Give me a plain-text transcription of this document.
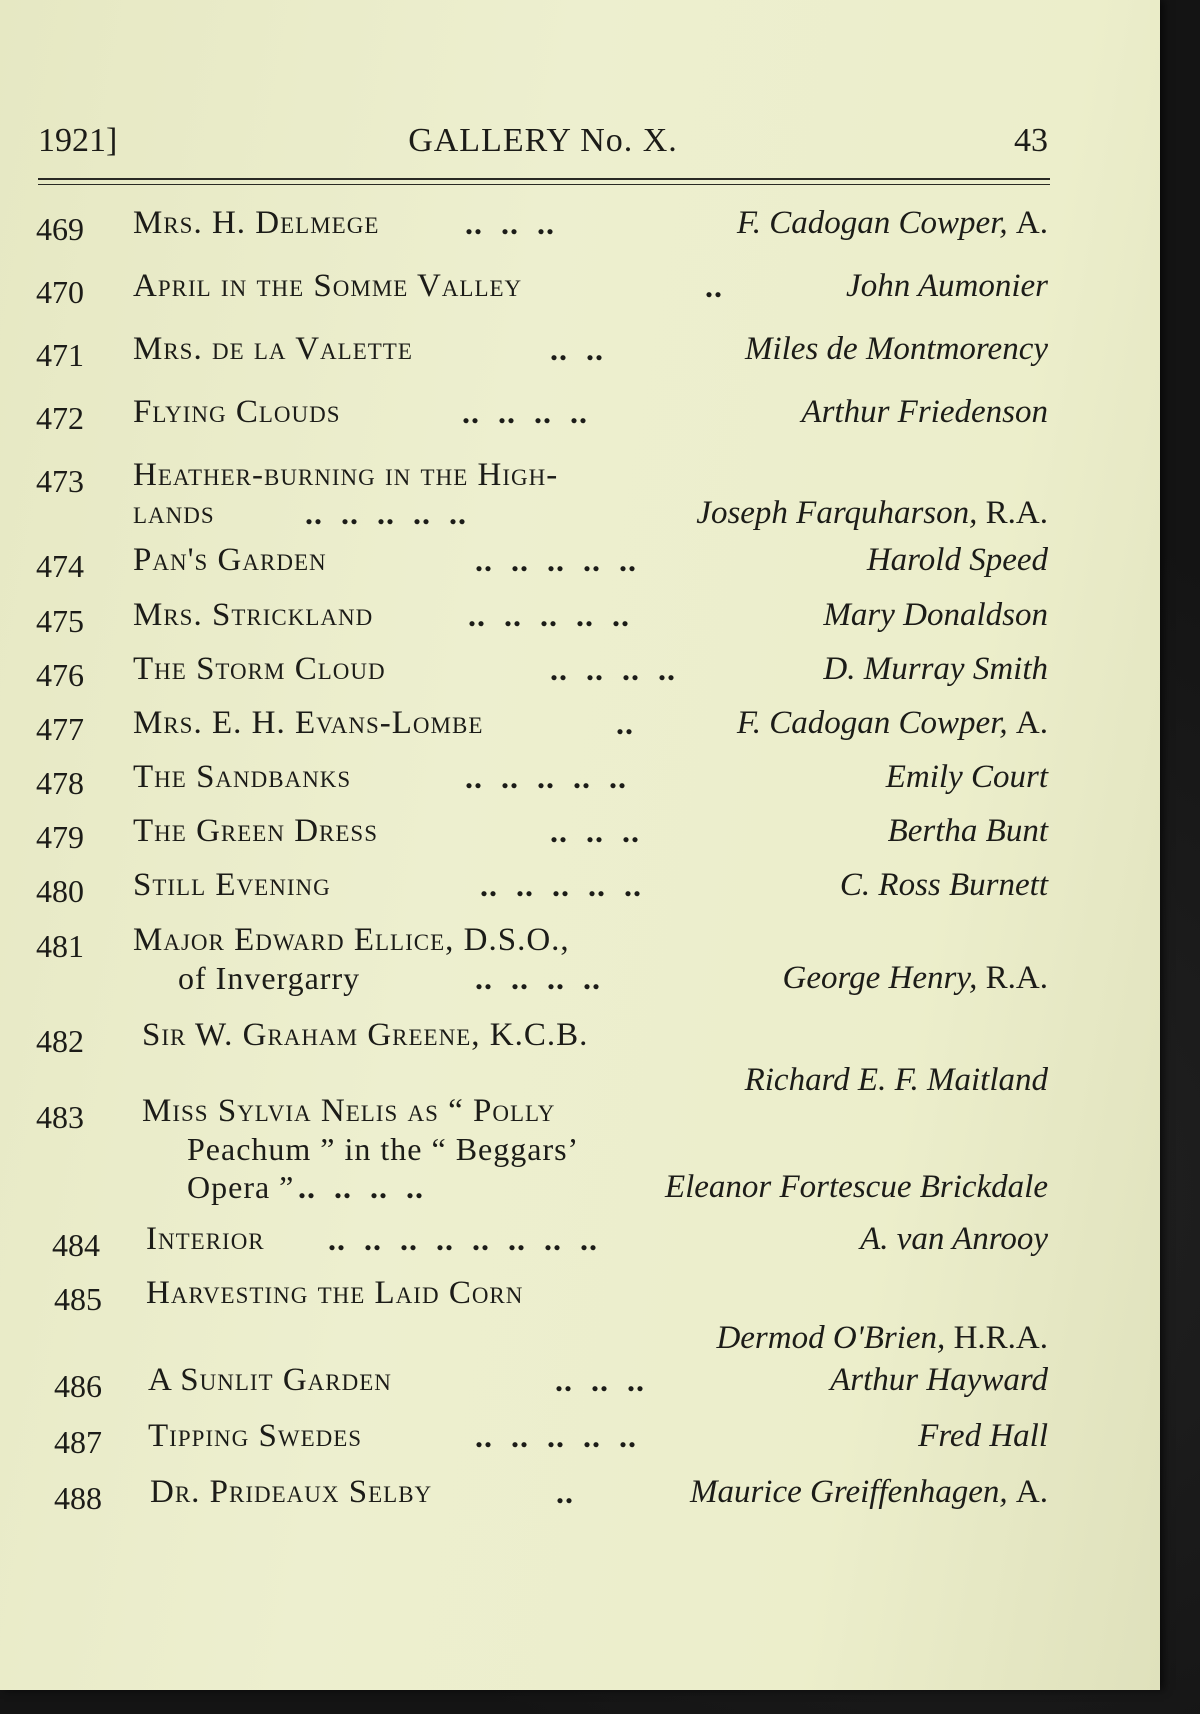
1921]	GALLERY No. X.	43
469	Mrs. H. Delmege	..  ..  ..	F. Cadogan Cowper, A.
470	April in the Somme Valley	..	John Aumonier
471	Mrs. de la Valette	..  ..	Miles de Montmorency
472	Flying Clouds	..  ..  ..  ..	Arthur Friedenson
473	Heather-burning in the High-
lands	..  ..  ..  ..  ..	Joseph Farquharson, R.A.
474	Pan's Garden	..  ..  ..  ..  ..	Harold Speed
475	Mrs. Strickland	..  ..  ..  ..  ..	Mary Donaldson
476	The Storm Cloud	..  ..  ..  ..	D. Murray Smith
477	Mrs. E. H. Evans-Lombe	..	F. Cadogan Cowper, A.
478	The Sandbanks	..  ..  ..  ..  ..	Emily Court
479	The Green Dress	..  ..  ..	Bertha Bunt
480	Still Evening	..  ..  ..  ..  ..	C. Ross Burnett
481	Major Edward Ellice, D.S.O.,
of Invergarry	..  ..  ..  ..	George Henry, R.A.
482	Sir W. Graham Greene, K.C.B.
Richard E. F. Maitland
483	Miss Sylvia Nelis as “ Polly
Peachum ” in the “ Beggars’
Opera ” ..  ..  ..  ..	Eleanor Fortescue Brickdale
484	Interior ..  ..  ..  ..  ..  ..  ..  ..	A. van Anrooy
485	Harvesting the Laid Corn
Dermod O'Brien, H.R.A.
486	A Sunlit Garden	..  ..  ..	Arthur Hayward
487	Tipping Swedes	..  ..  ..  ..  ..	Fred Hall
488	Dr. Prideaux Selby	..	Maurice Greiffenhagen, A.
